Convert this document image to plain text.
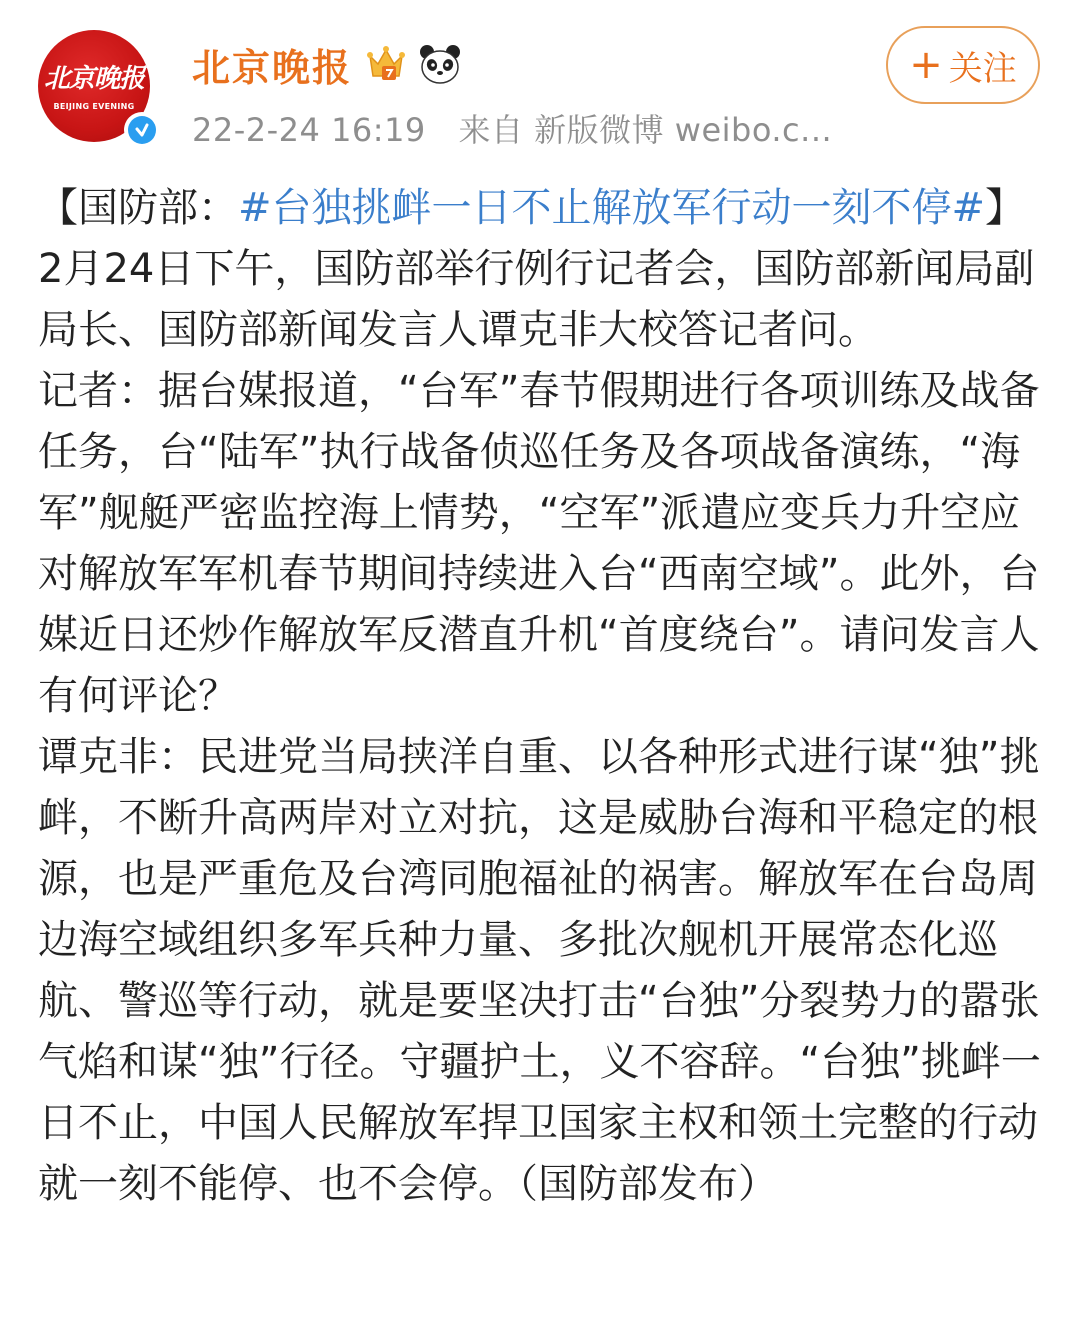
北京晚报
BEIJING EVENING
北京晚报
22-2-24 16:19 来自 新版微博 weibo.c...
+ 关注

【国防部：#台独挑衅一日不止解放军行动一刻不停#】2月24日下午，国防部举行例行记者会，国防部新闻局副局长、国防部新闻发言人谭克非大校答记者问。

记者：据台媒报道，“台军”春节假期进行各项训练及战备任务，台“陆军”执行战备侦巡任务及各项战备演练，“海军”舰艇严密监控海上情势，“空军”派遣应变兵力升空应对解放军军机春节期间持续进入台“西南空域”。此外，台媒近日还炒作解放军反潜直升机“首度绕台”。请问发言人有何评论？

谭克非：民进党当局挟洋自重、以各种形式进行谋“独”挑衅，不断升高两岸对立对抗，这是威胁台海和平稳定的根源，也是严重危及台湾同胞福祉的祸害。解放军在台岛周边海空域组织多军兵种力量、多批次舰机开展常态化巡航、警巡等行动，就是要坚决打击“台独”分裂势力的嚣张气焰和谋“独”行径。守疆护土，义不容辞。“台独”挑衅一日不止，中国人民解放军捍卫国家主权和领土完整的行动就一刻不能停、也不会停。（国防部发布）
